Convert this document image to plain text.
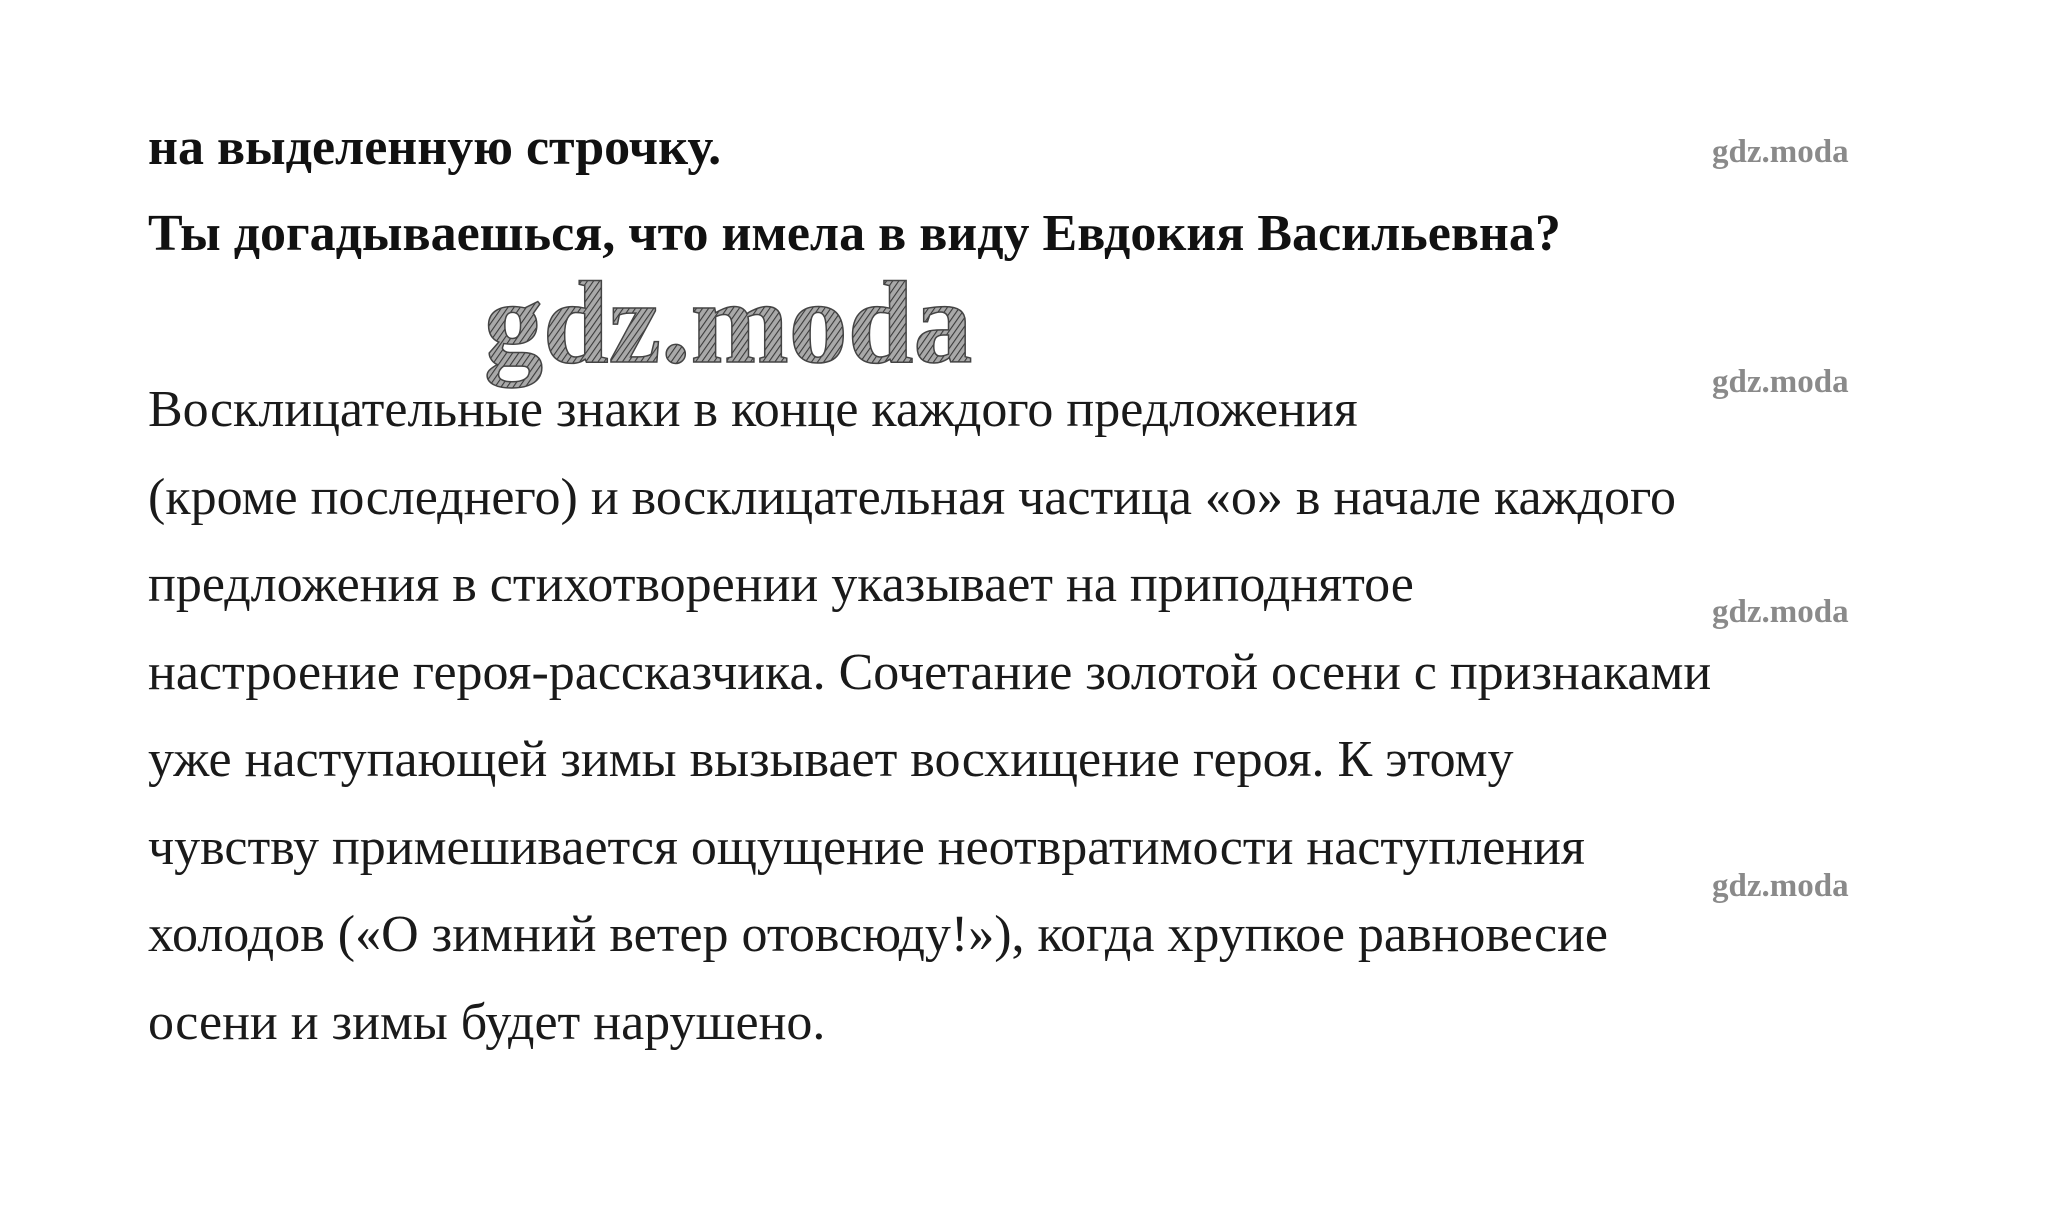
на выделенную строчку.
Ты догадываешься, что имела в виду Евдокия Васильевна?
gdz.moda
Восклицательные знаки в конце каждого предложения
(кроме последнего) и восклицательная частица «о» в начале каждого
предложения в стихотворении указывает на приподнятое
настроение героя-рассказчика. Сочетание золотой осени с признаками
уже наступающей зимы вызывает восхищение героя. К этому
чувству примешивается ощущение неотвратимости наступления
холодов («О зимний ветер отовсюду!»), когда хрупкое равновесие
осени и зимы будет нарушено.
gdz.moda
gdz.moda
gdz.moda
gdz.moda
